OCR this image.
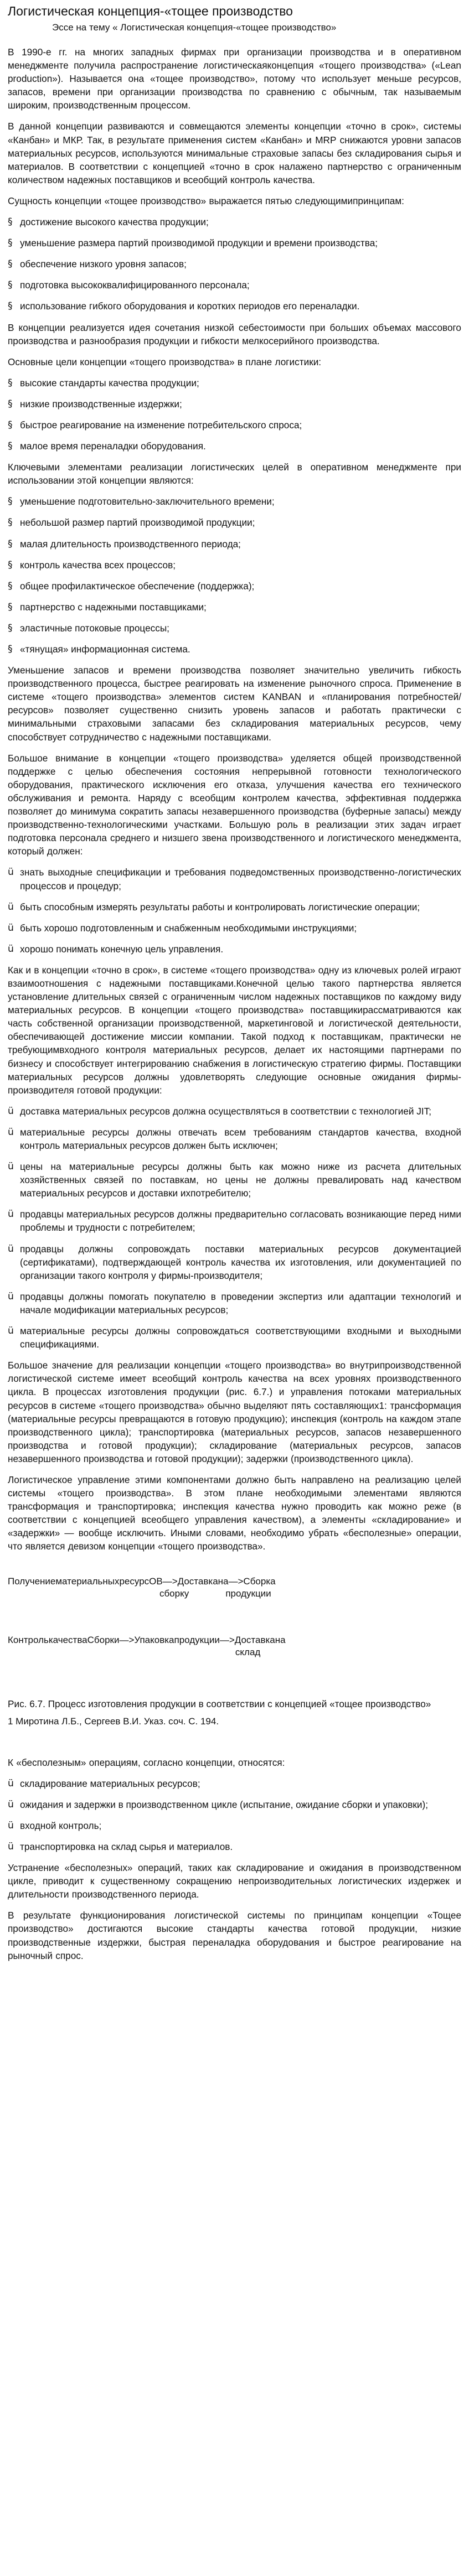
Логистическая концепция-«тощее производство
Эссе на тему « Логистическая концепция-«тощее производство»
В 1990-е гг. на многих западных фирмах при организации производства и в оперативном менеджменте получила распространение логистическаяконцепция «тощего производства» («Lean production»). Называется она «тощее производство», потому что использует меньше ресурсов, запасов, времени при организации производства по сравнению с обычным, так называемым широким, производственным процессом.
В данной концепции развиваются и совмещаются элементы концепции «точно в срок», системы «Канбан» и МКР. Так, в результате применения систем «Канбан» и MRP снижаются уровни запасов материальных ресурсов, используются минимальные страховые запасы без складирования сырья и материалов. В соответствии с концепцией «точно в срок налажено партнерство с ограниченным количеством надежных поставщиков и всеобщий контроль качества.
Сущность концепции «тощее производство» выражается пятью следующимипринципам:
§ достижение высокого качества продукции;
§ уменьшение размера партий производимой продукции и времени производства;
§ обеспечение низкого уровня запасов;
§ подготовка высококвалифицированного персонала;
§ использование гибкого оборудования и коротких периодов его переналадки.
В концепции реализуется идея сочетания низкой себестоимости при больших объемах массового производства и разнообразия продукции и гибкости мелкосерийного производства.
Основные цели концепции «тощего производства» в плане логистики:
§ высокие стандарты качества продукции;
§ низкие производственные издержки;
§ быстрое реагирование на изменение потребительского спроса;
§ малое время переналадки оборудования.
Ключевыми элементами реализации логистических целей в оперативном менеджменте при использовании этой концепции являются:
§ уменьшение подготовительно-заключительного времени;
§ небольшой размер партий производимой продукции;
§ малая длительность производственного периода;
§ контроль качества всех процессов;
§ общее профилактическое обеспечение (поддержка);
§ партнерство с надежными поставщиками;
§ эластичные потоковые процессы;
§ «тянущая» информационная система.
Уменьшение запасов и времени производства позволяет значительно увеличить гибкость производственного процесса, быстрее реагировать на изменение рыночного спроса. Применение в системе «тощего производства» элементов систем KANBAN и «планирования потребностей/ресурсов» позволяет существенно снизить уровень запасов и работать практически с минимальными страховыми запасами без складирования материальных ресурсов, чему способствует сотрудничество с надежными поставщиками.
Большое внимание в концепции «тощего производства» уделяется общей производственной поддержке с целью обеспечения состояния непрерывной готовности технологического оборудования, практического исключения его отказа, улучшения качества его технического обслуживания и ремонта. Наряду с всеобщим контролем качества, эффективная поддержка позволяет до минимума сократить запасы незавершенного производства (буферные запасы) между производственно-технологическими участками. Большую роль в реализации этих задач играет подготовка персонала среднего и низшего звена производственного и логистического менеджмента, который должен:
ü знать выходные спецификации и требования подведомственных производственно-логистических процессов и процедур;
ü быть способным измерять результаты работы и контролировать логистические операции;
ü быть хорошо подготовленным и снабженным необходимыми инструкциями;
ü хорошо понимать конечную цель управления.
Как и в концепции «точно в срок», в системе «тощего производства» одну из ключевых ролей играют взаимоотношения с надежными поставщиками.Конечной целью такого партнерства является установление длительных связей с ограниченным числом надежных поставщиков по каждому виду материальных ресурсов. В концепции «тощего производства» поставщикирассматриваются как часть собственной организации производственной, маркетинговой и логистической деятельности, обеспечивающей достижение миссии компании. Такой подход к поставщикам, практически не требующимвходного контроля материальных ресурсов, делает их настоящими партнерами по бизнесу и способствует интегрированию снабжения в логистическую стратегию фирмы. Поставщики материальных ресурсов должны удовлетворять следующие основные ожидания фирмы-производителя готовой продукции:
ü доставка материальных ресурсов должна осуществляться в соответствии с технологией JIT;
ü материальные ресурсы должны отвечать всем требованиям стандартов качества, входной контроль материальных ресурсов должен быть исключен;
ü цены на материальные ресурсы должны быть как можно ниже из расчета длительных хозяйственных связей по поставкам, но цены не должны превалировать над качеством материальных ресурсов и доставки ихпотребителю;
ü продавцы материальных ресурсов должны предварительно согласовать возникающие перед ними проблемы и трудности с потребителем;
ü продавцы должны сопровождать поставки материальных ресурсов документацией (сертификатами), подтверждающей контроль качества их изготовления, или документацией по организации такого контроля у фирмы-производителя;
ü продавцы должны помогать покупателю в проведении экспертиз или адаптации технологий и начале модификации материальных ресурсов;
ü материальные ресурсы должны сопровождаться соответствующими входными и выходными спецификациями.
Большое значение для реализации концепции «тощего производства» во внутрипроизводственной логистической системе имеет всеобщий контроль качества на всех уровнях производственного цикла. В процессах изготовления продукции (рис. 6.7.) и управления потоками материальных ресурсов в системе «тощего производства» обычно выделяют пять составляющих1: трансформация (материальные ресурсы превращаются в готовую продукцию); инспекция (контроль на каждом этапе производственного цикла); транспортировка (материальных ресурсов, запасов незавершенного производства и готовой продукции); складирование (материальных ресурсов, запасов незавершенного производства и готовой продукции); задержки (производственного цикла).
Логистическое управление этими компонентами должно быть направлено на реализацию целей системы «тощего производства». В этом плане необходимыми элементами являются трансформация и транспортировка; инспекция качества нужно проводить как можно реже (в соответствии с концепцией всеобщего управления качеством), а элементы «складирование» и «задержки» — вообще исключить. Иными словами, необходимо убрать «бесполезные» операции, что является девизом концепции «тощего производства».
ПолучениематериальныхресурсОВ—>Доставкана—>Сборка
сборку              продукции
КонтролькачестваСборки—>Упаковкапродукции—>Доставкана
склад
Рис. 6.7. Процесс изготовления продукции в соответствии с концепцией «тощее производство»
1 Миротина Л.Б., Сергеев В.И. Указ. соч. С. 194.
К «бесполезным» операциям, согласно концепции, относятся:
ü складирование материальных ресурсов;
ü ожидания и задержки в производственном цикле (испытание, ожидание сборки и упаковки);
ü входной контроль;
ü транспортировка на склад сырья и материалов.
Устранение «бесполезных» операций, таких как складирование и ожидания в производственном цикле, приводит к существенному сокращению непроизводительных логистических издержек и длительности производственного периода.
В результате функционирования логистической системы по принципам концепции «Тощее производство» достигаются высокие стандарты качества готовой продукции, низкие производственные издержки, быстрая переналадка оборудования и быстрое реагирование на рыночный спрос.
